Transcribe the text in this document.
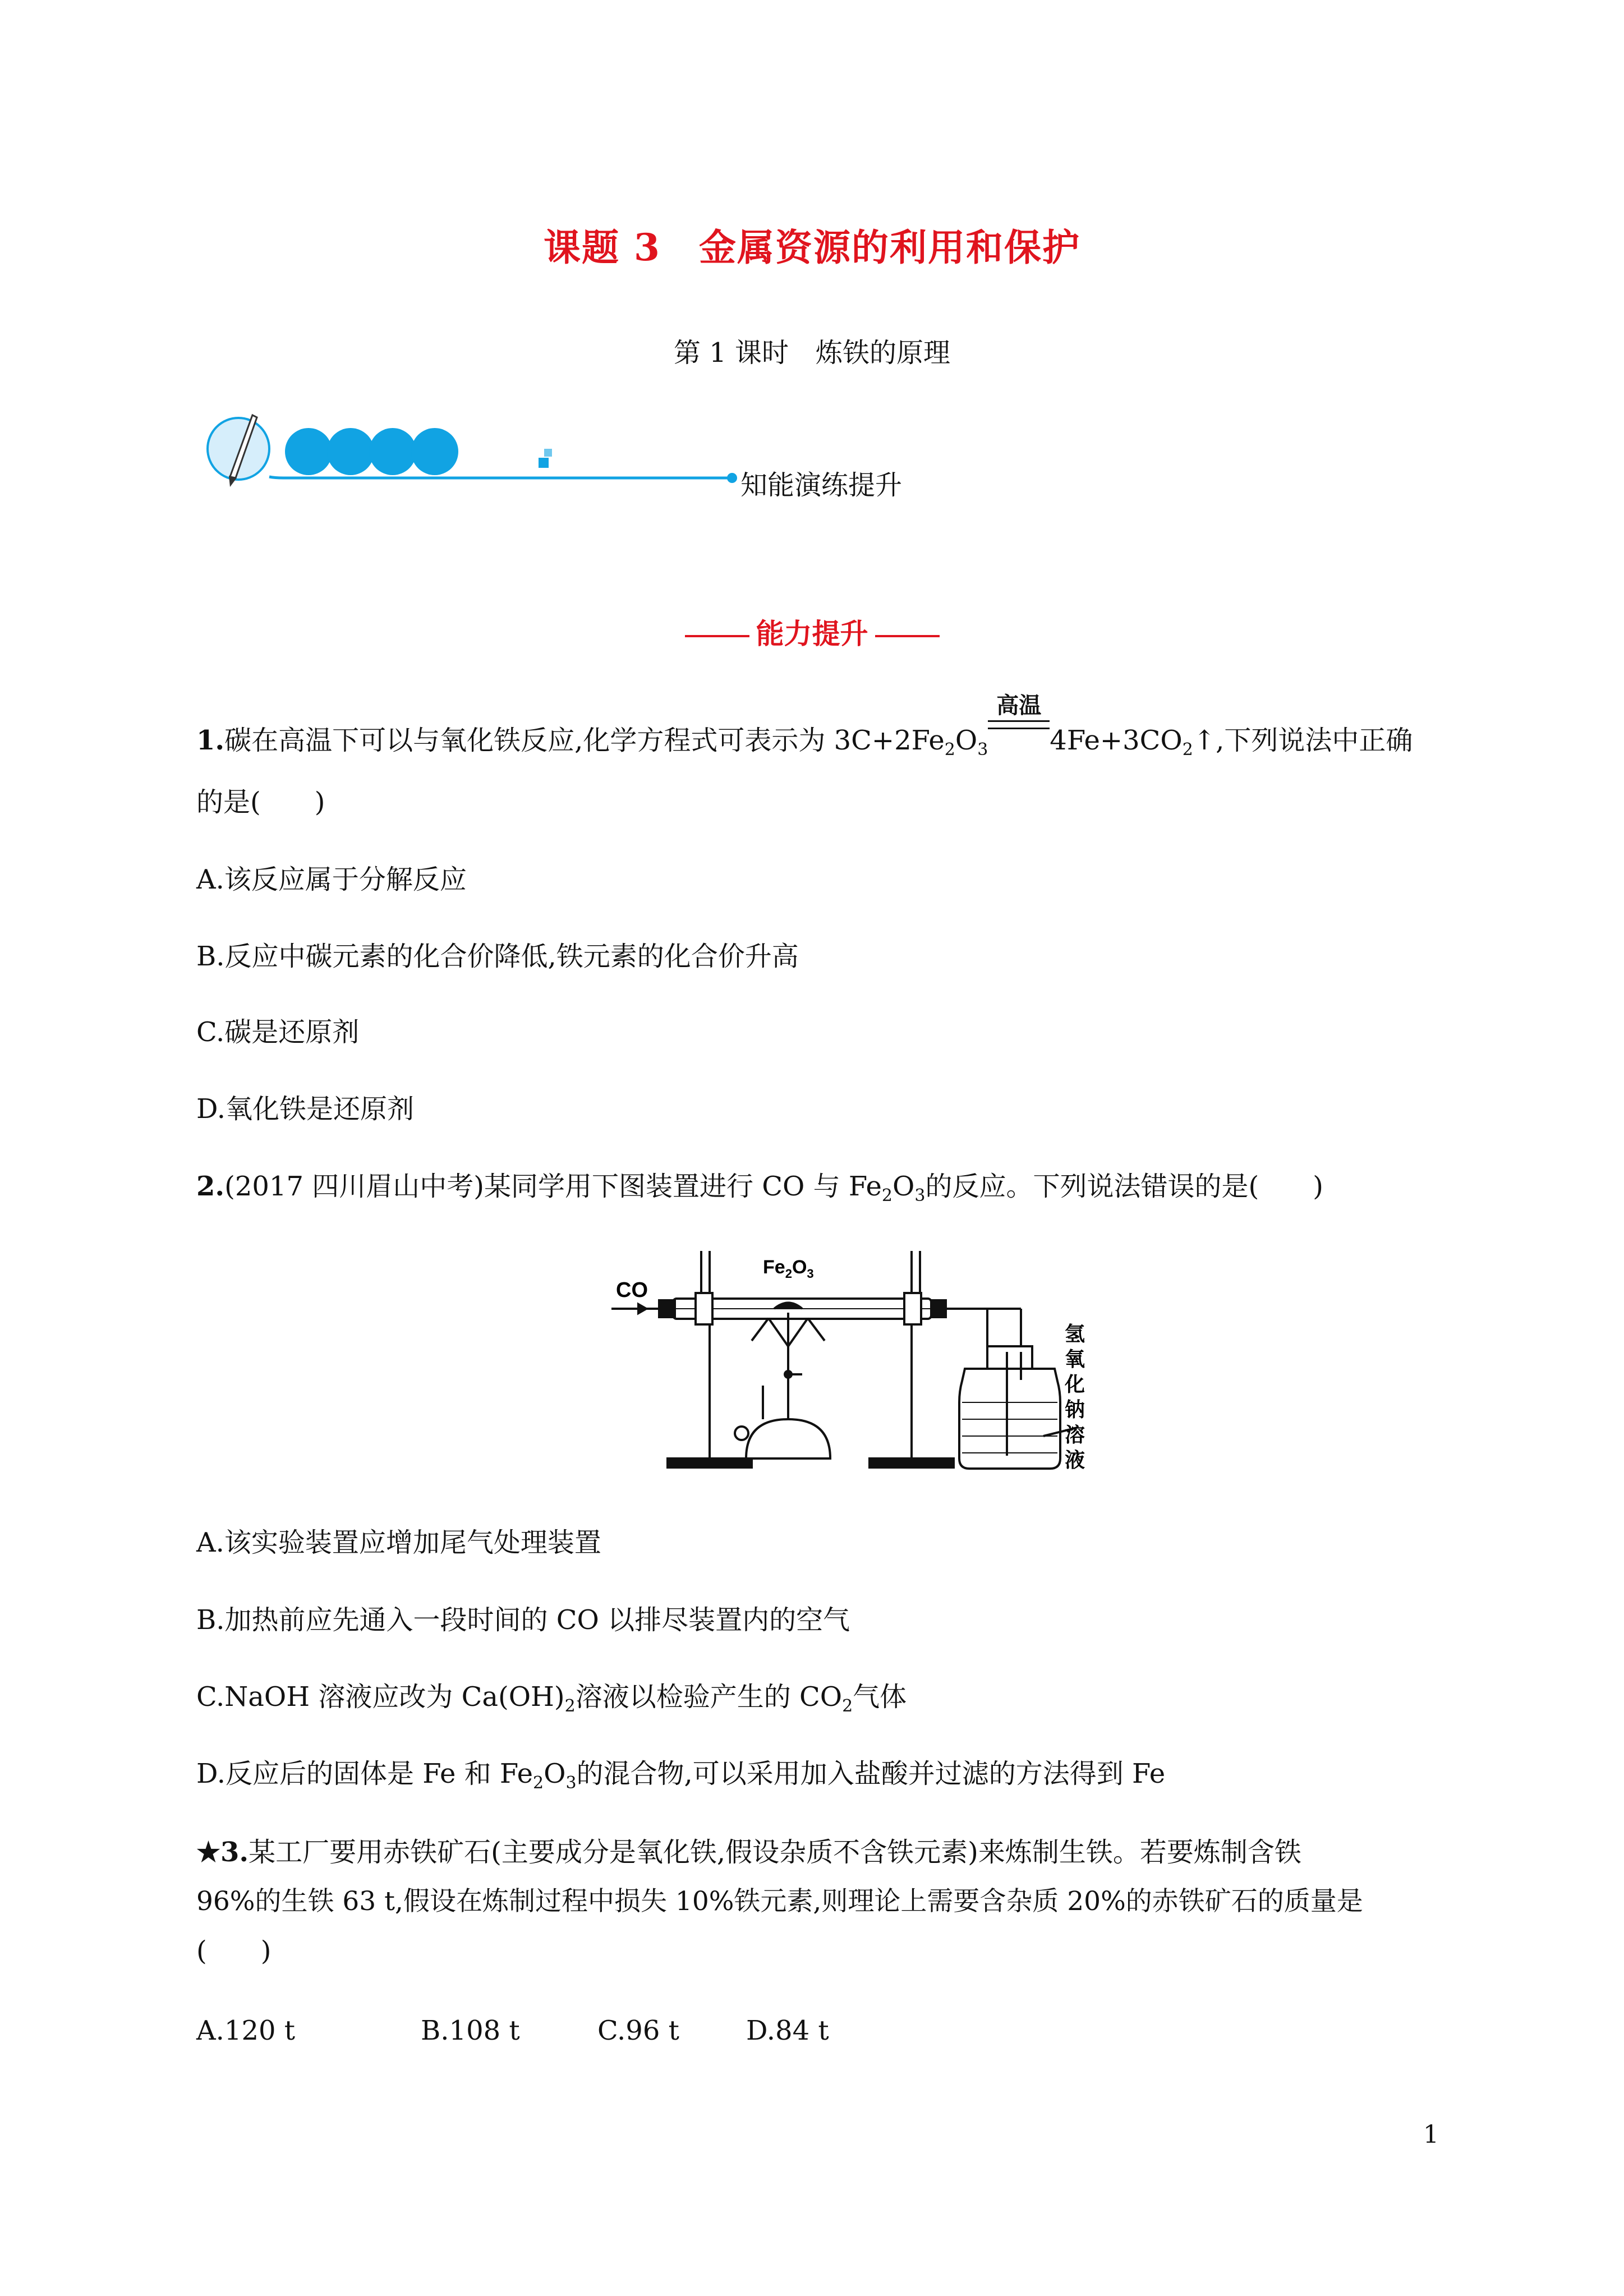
课题 3　金属资源的利用和保护
第 1 课时　炼铁的原理
知能演练提升
能力提升
1.碳在高温下可以与氧化铁反应,化学方程式可表示为 $3C+2Fe_2O_3$
高温
$4Fe+3CO_2↑$,下列说法中正确
的是(　　)
A.该反应属于分解反应
B.反应中碳元素的化合价降低,铁元素的化合价升高
C.碳是还原剂
D.氧化铁是还原剂
2.(2017 四川眉山中考)某同学用下图装置进行 CO 与 $Fe_2O_3$的反应。下列说法错误的是(　　)
CO
$Fe_2O_3$
氢
氧
化
钠
溶
液
A.该实验装置应增加尾气处理装置
B.加热前应先通入一段时间的 CO 以排尽装置内的空气
C.NaOH 溶液应改为 $Ca(OH)_2$溶液以检验产生的 $CO_2$气体
D.反应后的固体是 Fe 和 $Fe_2O_3$的混合物,可以采用加入盐酸并过滤的方法得到 Fe
★3.某工厂要用赤铁矿石(主要成分是氧化铁,假设杂质不含铁元素)来炼制生铁。若要炼制含铁
96%的生铁 63 t,假设在炼制过程中损失 10%铁元素,则理论上需要含杂质 20%的赤铁矿石的质量是
(　　)
A.120 t	B.108 t	C.96 t D.84 t
1
